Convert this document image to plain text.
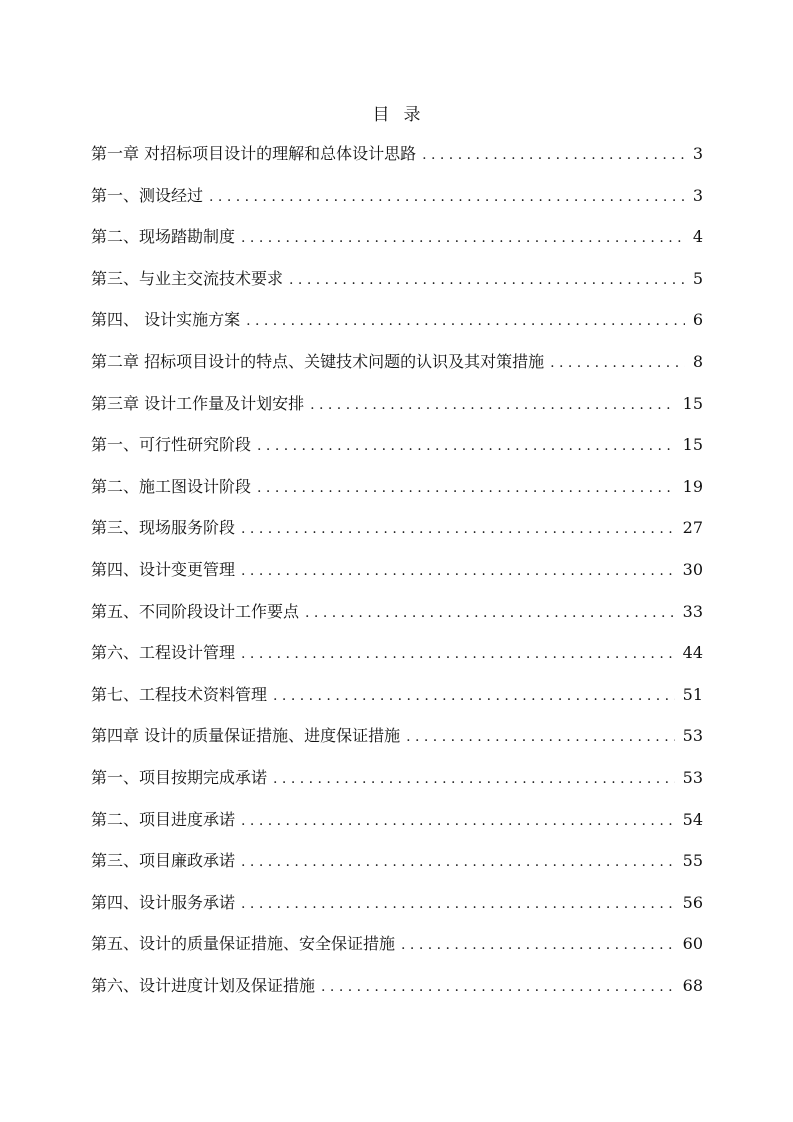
目 录
第一章 对招标项目设计的理解和总体设计思路 . . .	3
第一、测设经过 . . .	3
第二、现场踏勘制度 . . .	4
第三、与业主交流技术要求 . . .	5
第四、 设计实施方案 . . .	6
第二章 招标项目设计的特点、关键技术问题的认识及其对策措施 . . .	8
第三章 设计工作量及计划安排 . . .	15
第一、可行性研究阶段 . . .	15
第二、施工图设计阶段 . . .	19
第三、现场服务阶段 . . .	27
第四、设计变更管理 . . .	30
第五、不同阶段设计工作要点 . . .	33
第六、工程设计管理 . . .	44
第七、工程技术资料管理 . . .	51
第四章 设计的质量保证措施、进度保证措施 . . .	53
第一、项目按期完成承诺 . . .	53
第二、项目进度承诺 . . .	54
第三、项目廉政承诺 . . .	55
第四、设计服务承诺 . . .	56
第五、设计的质量保证措施、安全保证措施 . . .	60
第六、设计进度计划及保证措施 . . .	68
